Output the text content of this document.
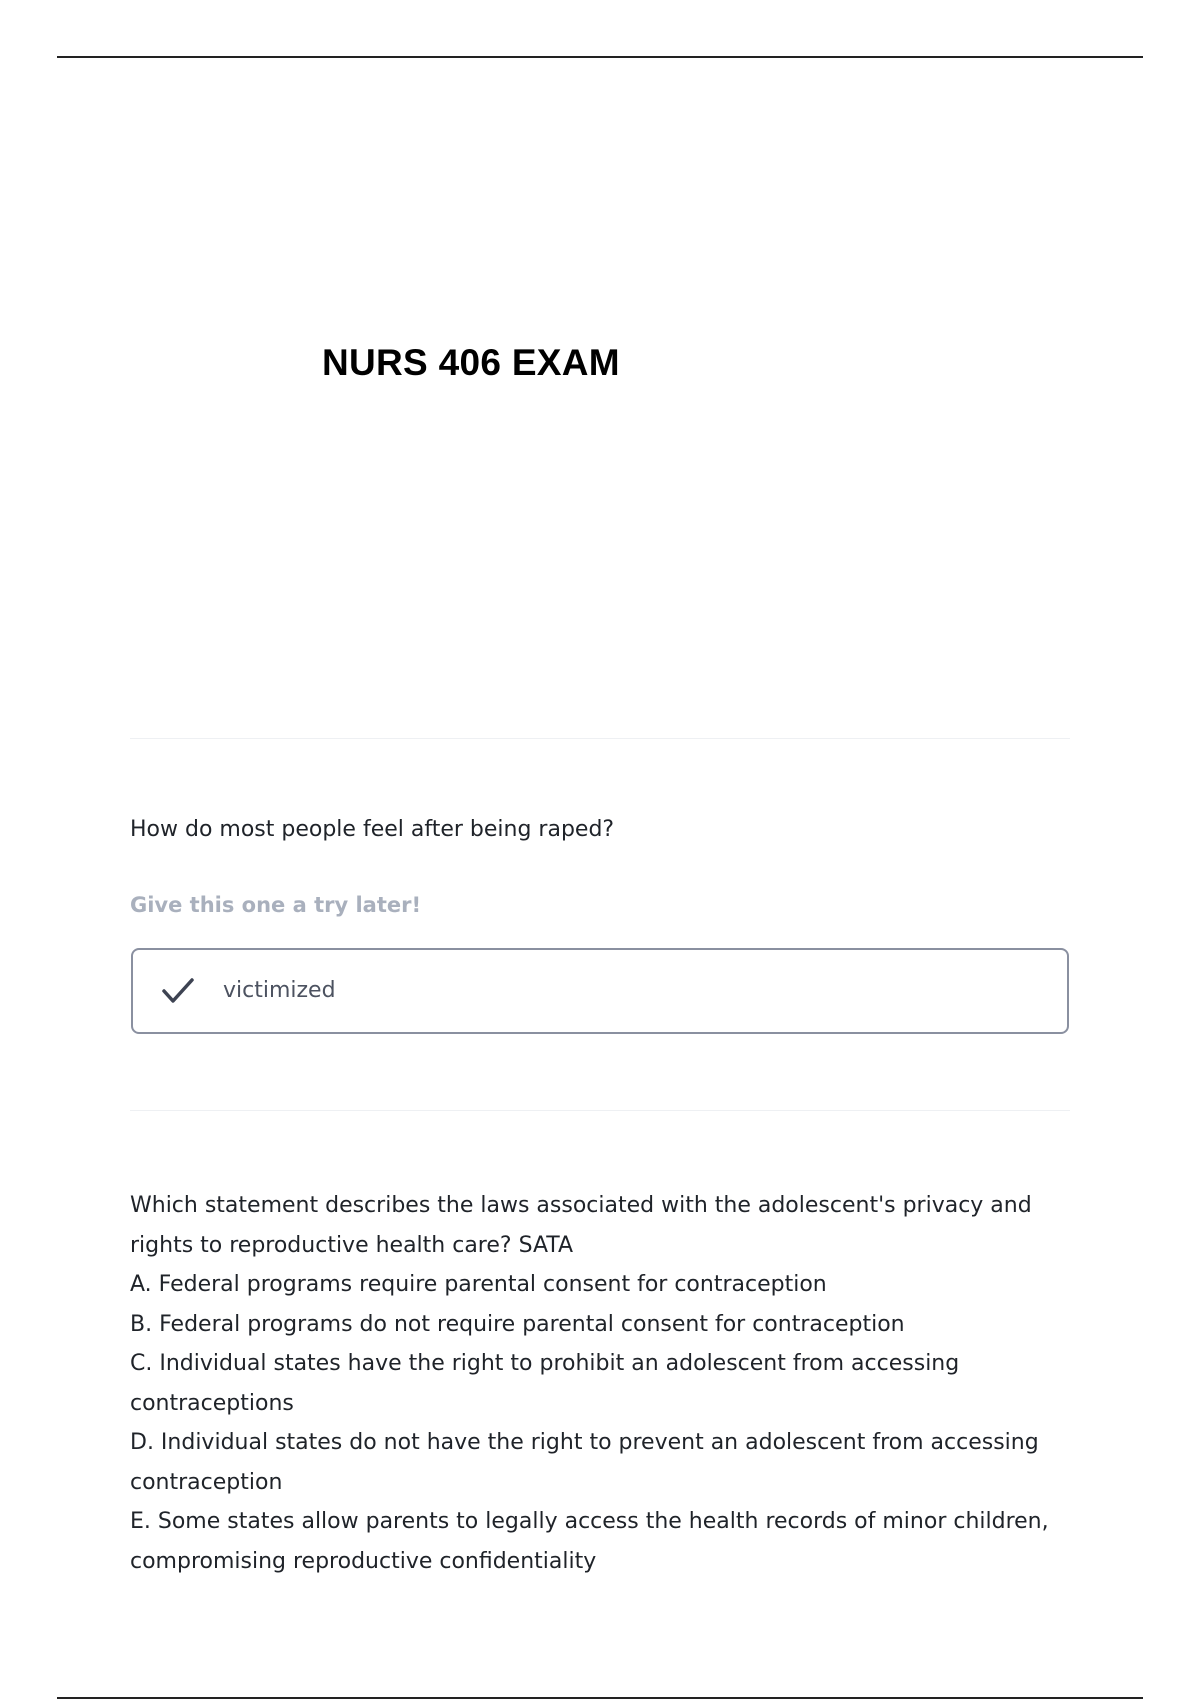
NURS 406 EXAM
How do most people feel after being raped?
Give this one a try later!
victimized

Which statement describes the laws associated with the adolescent's privacy and

rights to reproductive health care? SATA

A. Federal programs require parental consent for contraception

B. Federal programs do not require parental consent for contraception

C. Individual states have the right to prohibit an adolescent from accessing

contraceptions

D. Individual states do not have the right to prevent an adolescent from accessing

contraception

E. Some states allow parents to legally access the health records of minor children,

compromising reproductive confidentiality
